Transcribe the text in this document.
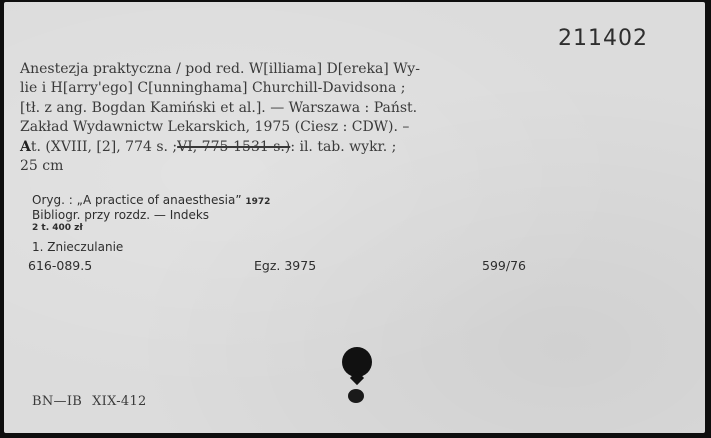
211402
Anestezja praktyczna / pod red. W[illiama] D[ereka] Wy-
lie i H[arry'ego] C[unninghama] Churchill-Davidsona ;
[tł. z ang. Bogdan Kamiński et al.]. — Warszawa : Państ.
Zakład Wydawnictw Lekarskich, 1975 (Ciesz : CDW). –
A t. (XVIII, [2], 774 s. ; VI, 775-1531 s.) : il. tab. wykr. ;
25 cm
Oryg. : „A practice of anaesthesia” 1972
Bibliogr. przy rozdz. — Indeks
2 t. 400 zł
1. Znieczulanie
616-089.5	Egz. 3975	599/76
BN—IB XIX-412
